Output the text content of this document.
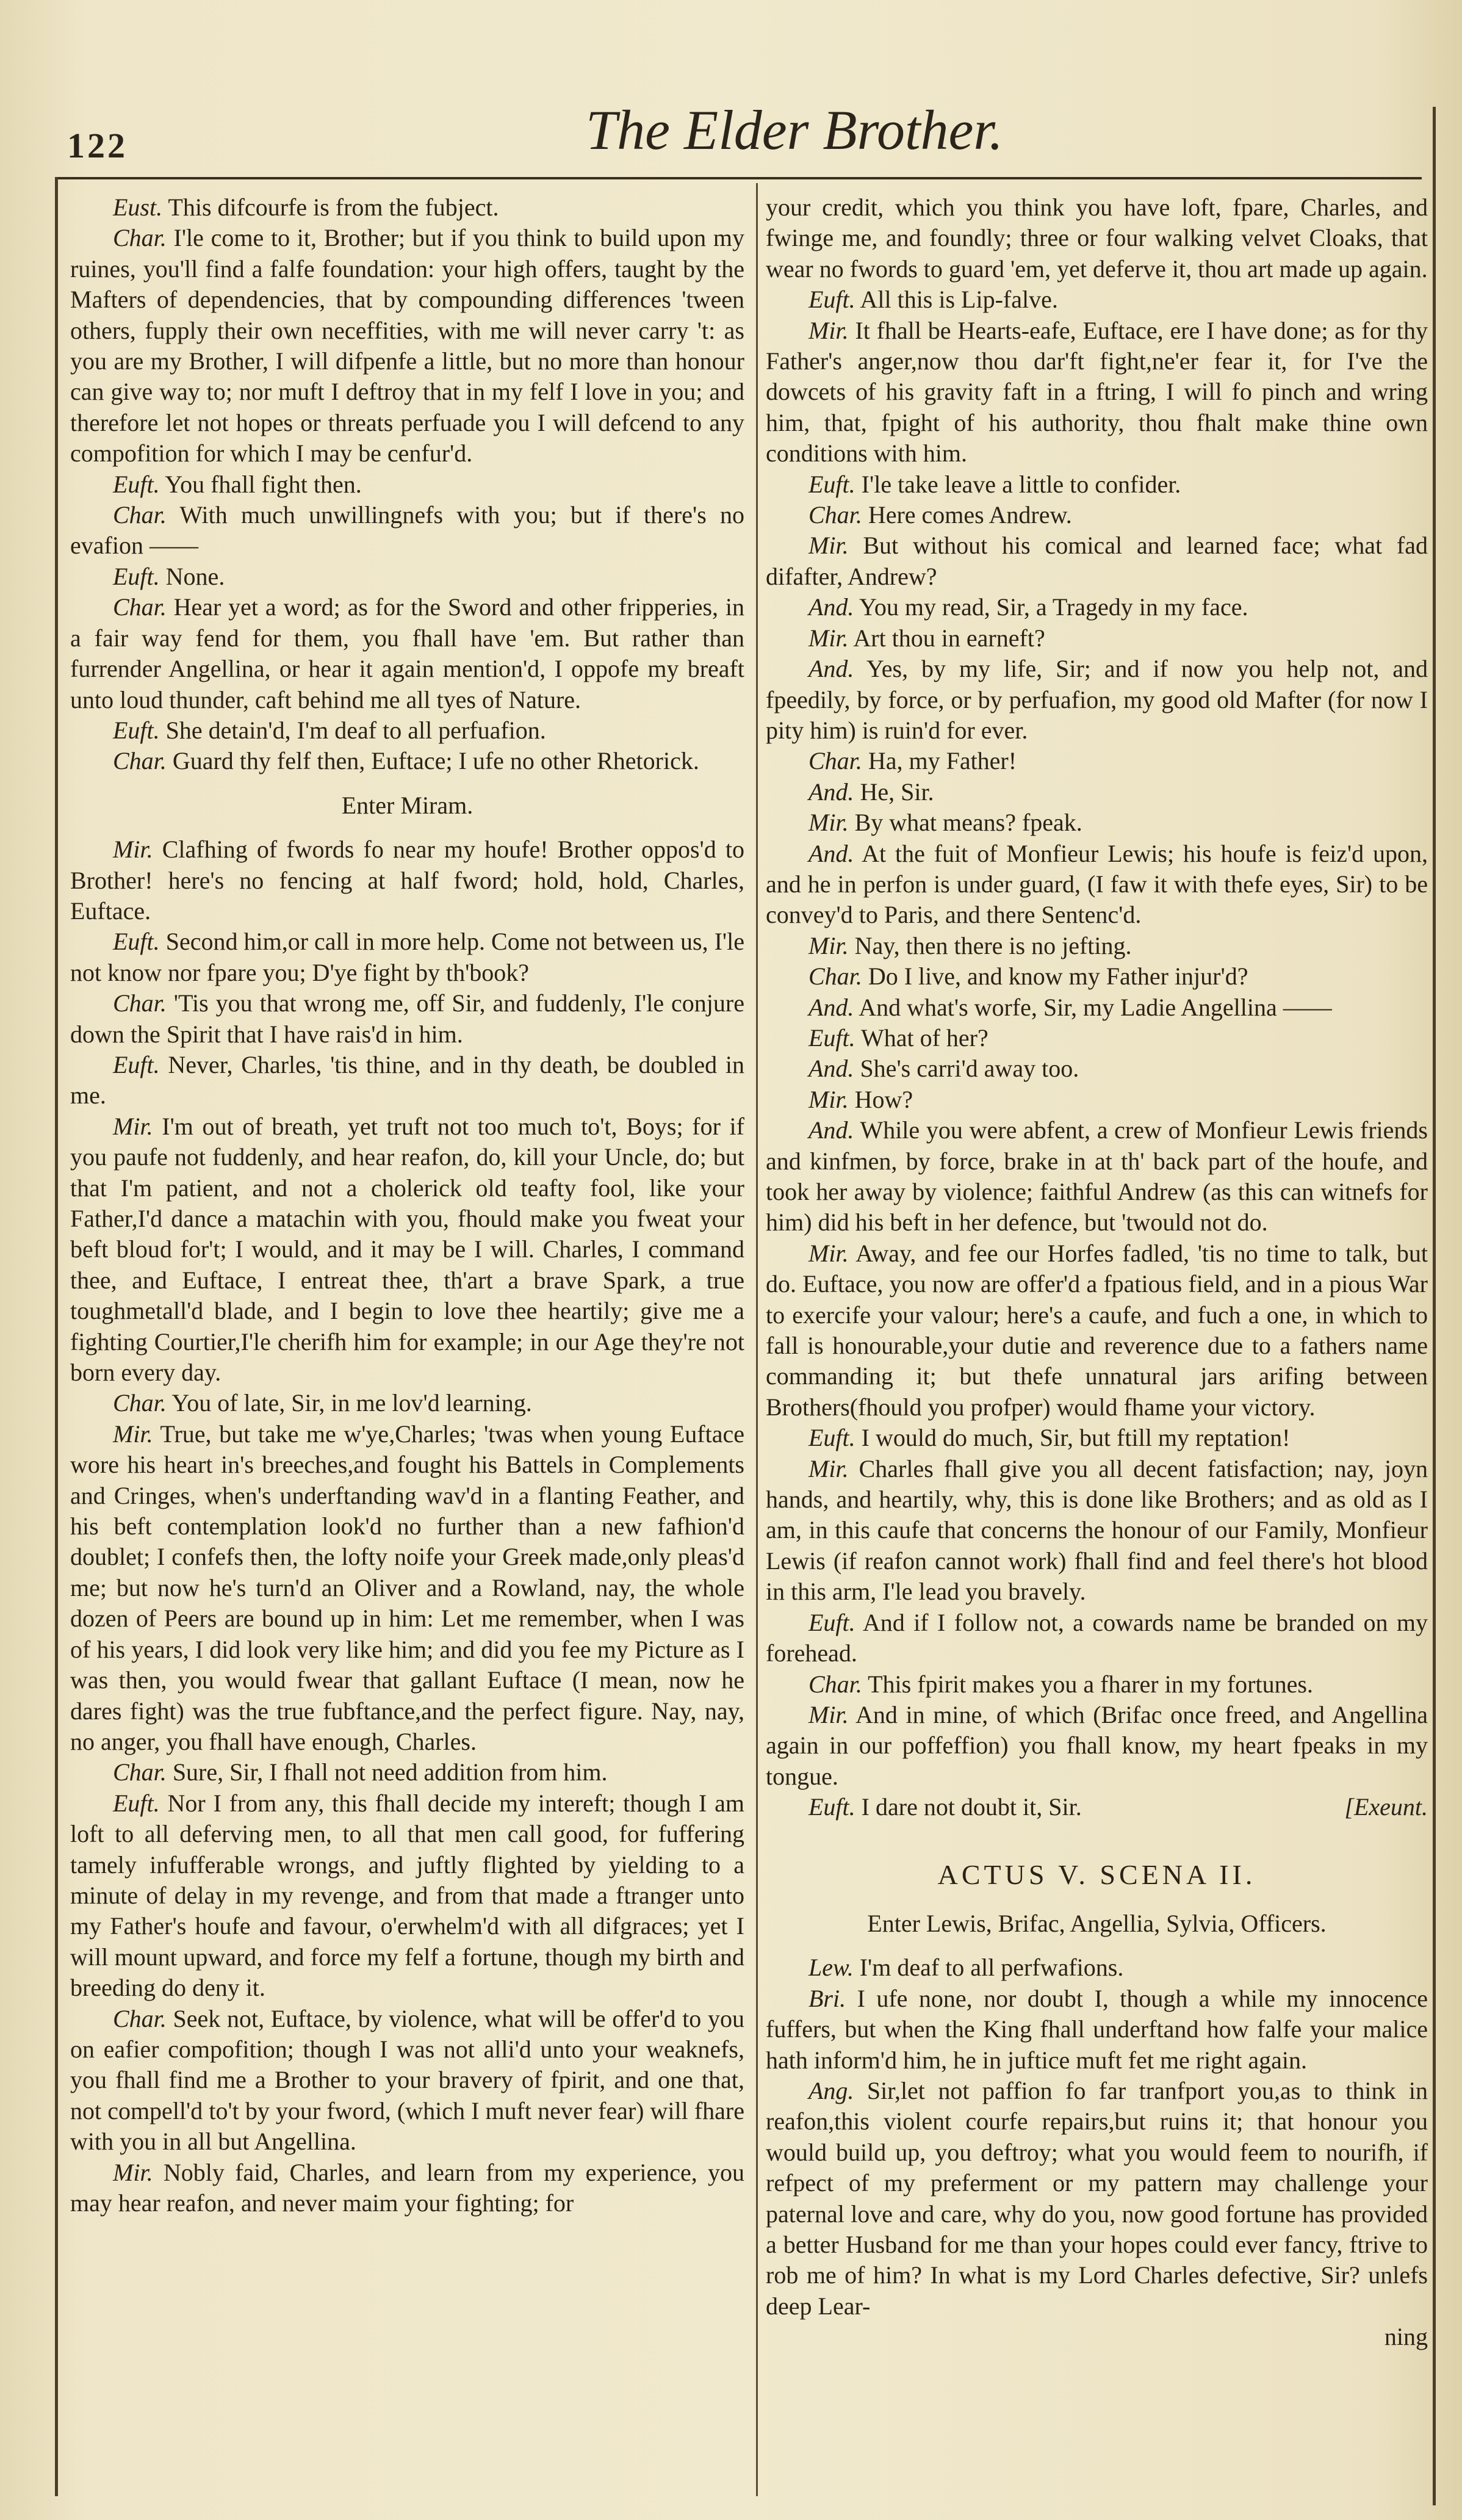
122	The Elder Brother.

Eust. This difcourfe is from the fubject.

Char. I'le come to it, Brother; but if you think to build upon my ruines, you'll find a falfe foundation: your high offers, taught by the Mafters of dependencies, that by compounding differences 'tween others, fupply their own neceffities, with me will never carry 't: as you are my Brother, I will difpenfe a little, but no more than honour can give way to; nor muft I deftroy that in my felf I love in you; and therefore let not hopes or threats perfuade you I will defcend to any compofition for which I may be cenfur'd.

Euft. You fhall fight then.

Char. With much unwillingnefs with you; but if there's no evafion ——

Euft. None.

Char. Hear yet a word; as for the Sword and other fripperies, in a fair way fend for them, you fhall have 'em. But rather than furrender Angellina, or hear it again mention'd, I oppofe my breaft unto loud thunder, caft behind me all tyes of Nature.

Euft. She detain'd, I'm deaf to all perfuafion.

Char. Guard thy felf then, Euftace; I ufe no other Rhetorick.

Enter Miram.

Mir. Clafhing of fwords fo near my houfe! Brother oppos'd to Brother! here's no fencing at half fword; hold, hold, Charles, Euftace.

Euft. Second him,or call in more help. Come not between us, I'le not know nor fpare you; D'ye fight by th'book?

Char. 'Tis you that wrong me, off Sir, and fuddenly, I'le conjure down the Spirit that I have rais'd in him.

Euft. Never, Charles, 'tis thine, and in thy death, be doubled in me.

Mir. I'm out of breath, yet truft not too much to't, Boys; for if you paufe not fuddenly, and hear reafon, do, kill your Uncle, do; but that I'm patient, and not a cholerick old teafty fool, like your Father,I'd dance a matachin with you, fhould make you fweat your beft bloud for't; I would, and it may be I will. Charles, I command thee, and Euftace, I entreat thee, th'art a brave Spark, a true toughmetall'd blade, and I begin to love thee heartily; give me a fighting Courtier,I'le cherifh him for example; in our Age they're not born every day.

Char. You of late, Sir, in me lov'd learning.

Mir. True, but take me w'ye,Charles; 'twas when young Euftace wore his heart in's breeches,and fought his Battels in Complements and Cringes, when's underftanding wav'd in a flanting Feather, and his beft contemplation look'd no further than a new fafhion'd doublet; I confefs then, the lofty noife your Greek made,only pleas'd me; but now he's turn'd an Oliver and a Rowland, nay, the whole dozen of Peers are bound up in him: Let me remember, when I was of his years, I did look very like him; and did you fee my Picture as I was then, you would fwear that gallant Euftace (I mean, now he dares fight) was the true fubftance,and the perfect figure. Nay, nay, no anger, you fhall have enough, Charles.

Char. Sure, Sir, I fhall not need addition from him.

Euft. Nor I from any, this fhall decide my intereft; though I am loft to all deferving men, to all that men call good, for fuffering tamely infufferable wrongs, and juftly flighted by yielding to a minute of delay in my revenge, and from that made a ftranger unto my Father's houfe and favour, o'erwhelm'd with all difgraces; yet I will mount upward, and force my felf a fortune, though my birth and breeding do deny it.

Char. Seek not, Euftace, by violence, what will be offer'd to you on eafier compofition; though I was not alli'd unto your weaknefs, you fhall find me a Brother to your bravery of fpirit, and one that, not compell'd to't by your fword, (which I muft never fear) will fhare with you in all but Angellina.

Mir. Nobly faid, Charles, and learn from my experience, you may hear reafon, and never maim your fighting; for

your credit, which you think you have loft, fpare, Charles, and fwinge me, and foundly; three or four walking velvet Cloaks, that wear no fwords to guard 'em, yet deferve it, thou art made up again.

Euft. All this is Lip-falve.

Mir. It fhall be Hearts-eafe, Euftace, ere I have done; as for thy Father's anger,now thou dar'ft fight,ne'er fear it, for I've the dowcets of his gravity faft in a ftring, I will fo pinch and wring him, that, fpight of his authority, thou fhalt make thine own conditions with him.

Euft. I'le take leave a little to confider.

Char. Here comes Andrew.

Mir. But without his comical and learned face; what fad difafter, Andrew?

And. You my read, Sir, a Tragedy in my face.

Mir. Art thou in earneft?

And. Yes, by my life, Sir; and if now you help not, and fpeedily, by force, or by perfuafion, my good old Mafter (for now I pity him) is ruin'd for ever.

Char. Ha, my Father!

And. He, Sir.

Mir. By what means? fpeak.

And. At the fuit of Monfieur Lewis; his houfe is feiz'd upon, and he in perfon is under guard, (I faw it with thefe eyes, Sir) to be convey'd to Paris, and there Sentenc'd.

Mir. Nay, then there is no jefting.

Char. Do I live, and know my Father injur'd?

And. And what's worfe, Sir, my Ladie Angellina ——

Euft. What of her?

And. She's carri'd away too.

Mir. How?

And. While you were abfent, a crew of Monfieur Lewis friends and kinfmen, by force, brake in at th' back part of the houfe, and took her away by violence; faithful Andrew (as this can witnefs for him) did his beft in her defence, but 'twould not do.

Mir. Away, and fee our Horfes fadled, 'tis no time to talk, but do. Euftace, you now are offer'd a fpatious field, and in a pious War to exercife your valour; here's a caufe, and fuch a one, in which to fall is honourable,your dutie and reverence due to a fathers name commanding it; but thefe unnatural jars arifing between Brothers(fhould you profper) would fhame your victory.

Euft. I would do much, Sir, but ftill my reptation!

Mir. Charles fhall give you all decent fatisfaction; nay, joyn hands, and heartily, why, this is done like Brothers; and as old as I am, in this caufe that concerns the honour of our Family, Monfieur Lewis (if reafon cannot work) fhall find and feel there's hot blood in this arm, I'le lead you bravely.

Euft. And if I follow not, a cowards name be branded on my forehead.

Char. This fpirit makes you a fharer in my fortunes.

Mir. And in mine, of which (Brifac once freed, and Angellina again in our poffeffion) you fhall know, my heart fpeaks in my tongue.

Euft. I dare not doubt it, Sir.	[Exeunt.

ACTUS V. SCENA II.

Enter Lewis, Brifac, Angellia, Sylvia, Officers.

Lew. I'm deaf to all perfwafions.

Bri. I ufe none, nor doubt I, though a while my innocence fuffers, but when the King fhall underftand how falfe your malice hath inform'd him, he in juftice muft fet me right again.

Ang. Sir,let not paffion fo far tranfport you,as to think in reafon,this violent courfe repairs,but ruins it; that honour you would build up, you deftroy; what you would feem to nourifh, if refpect of my preferment or my pattern may challenge your paternal love and care, why do you, now good fortune has provided a better Husband for me than your hopes could ever fancy, ftrive to rob me of him? In what is my Lord Charles defective, Sir? unlefs deep Lear-

ning
